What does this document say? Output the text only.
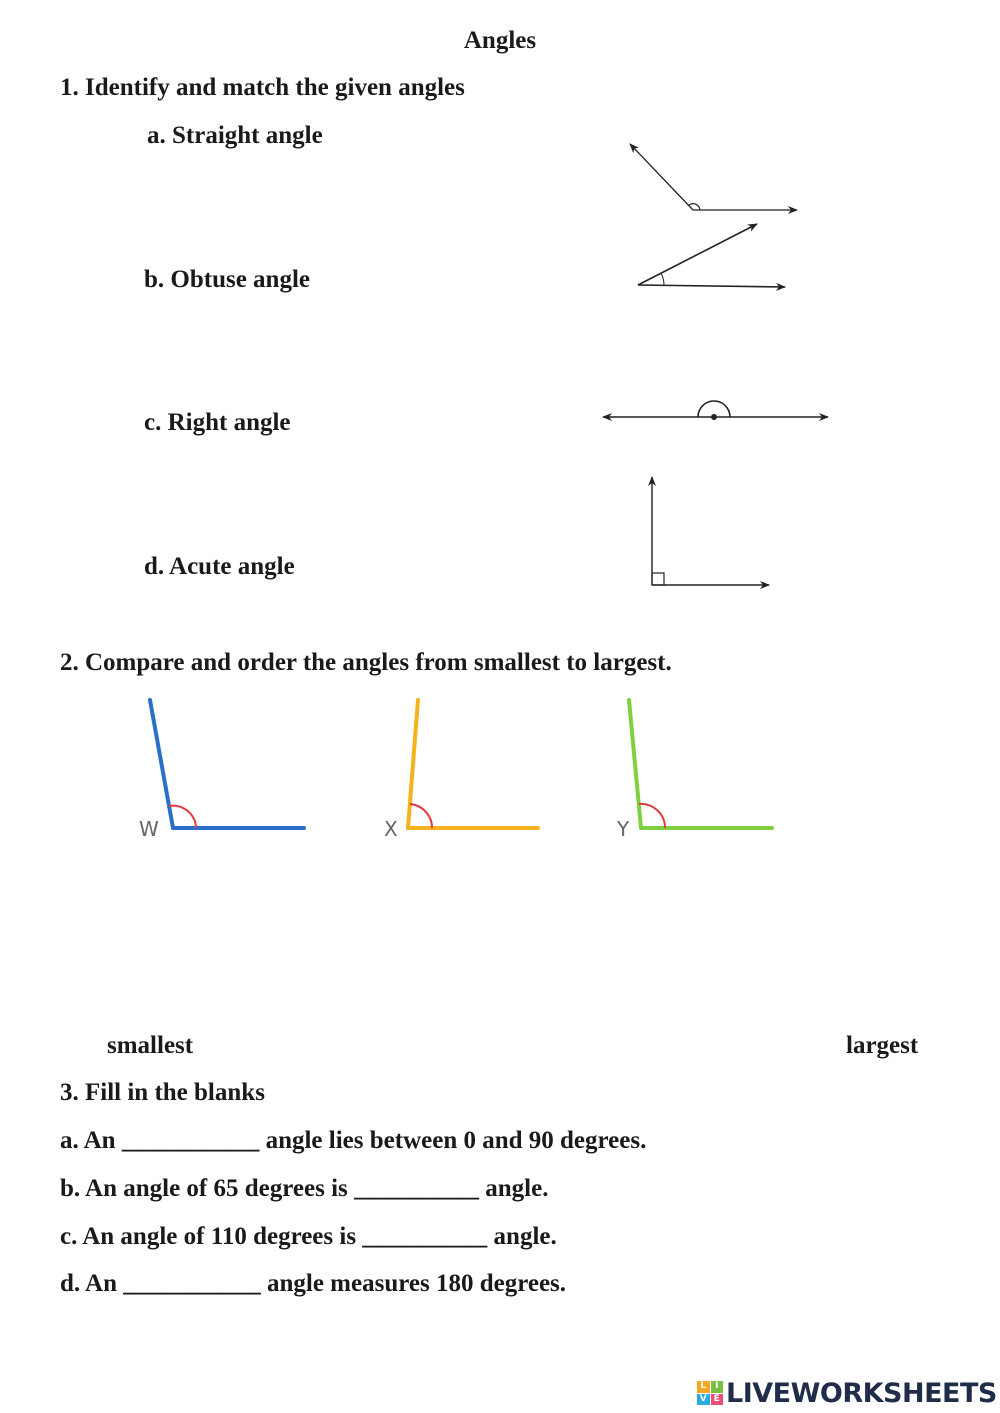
Angles
1. Identify and match the given angles
a. Straight angle
b. Obtuse angle
c. Right angle
d. Acute angle
2. Compare and order the angles from smallest to largest.
W	X	Y
smallest	largest
3. Fill in the blanks
a. An ___________ angle lies between 0 and 90 degrees.
b. An angle of 65 degrees is __________ angle.
c. An angle of 110 degrees is __________ angle.
d. An ___________ angle measures 180 degrees.
L I
V E LIVEWORKSHEETS
